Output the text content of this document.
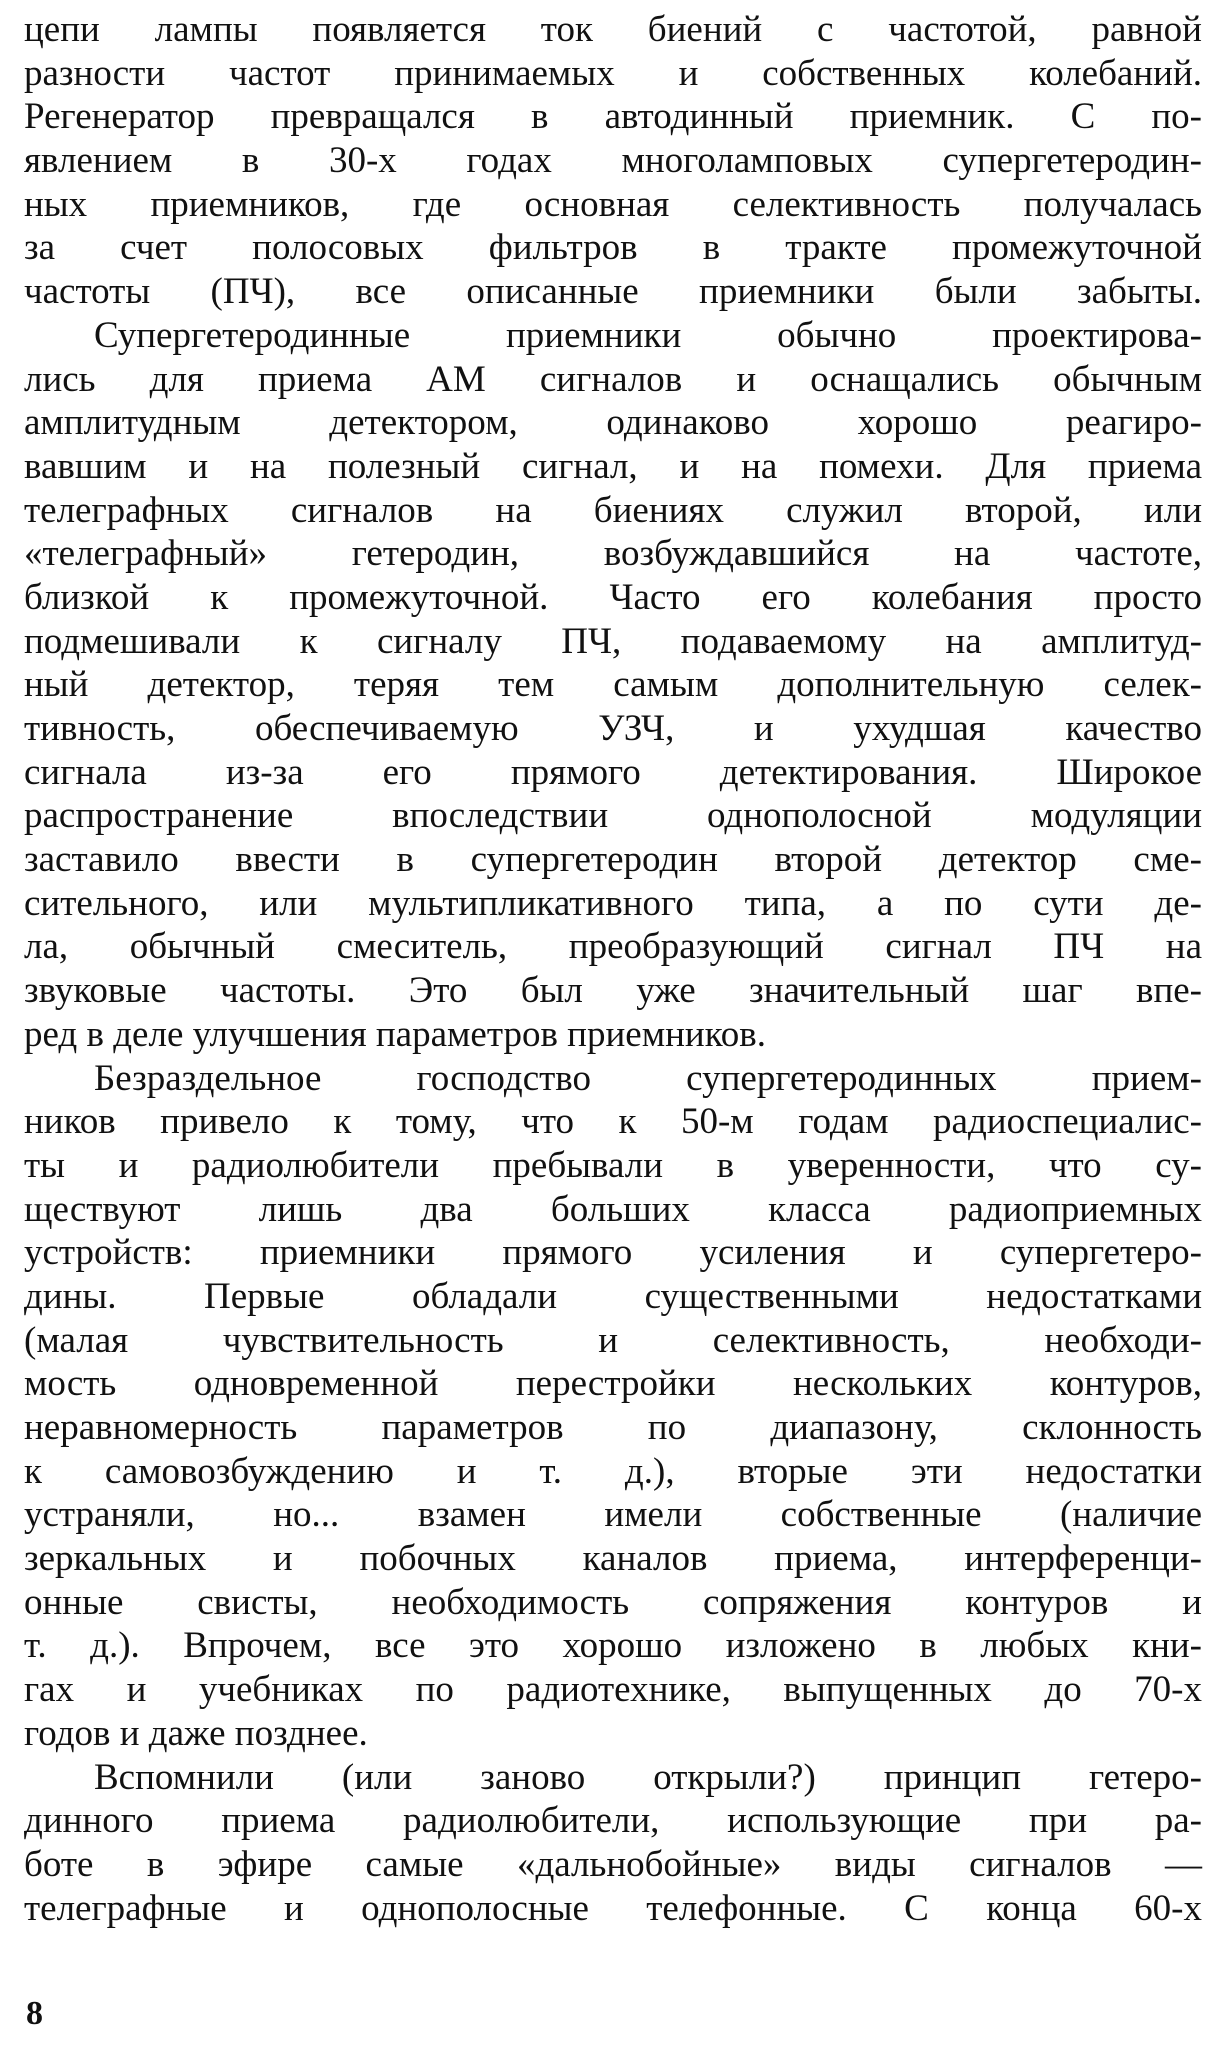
цепи лампы появляется ток биений с частотой, равной
разности частот принимаемых и собственных колебаний.
Регенератор превращался в автодинный приемник. С по-
явлением в 30-х годах многоламповых супергетеродин-
ных приемников, где основная селективность получалась
за счет полосовых фильтров в тракте промежуточной
частоты (ПЧ), все описанные приемники были забыты.
Супергетеродинные приемники обычно проектирова-
лись для приема АМ сигналов и оснащались обычным
амплитудным детектором, одинаково хорошо реагиро-
вавшим и на полезный сигнал, и на помехи. Для приема
телеграфных сигналов на биениях служил второй, или
«телеграфный» гетеродин, возбуждавшийся на частоте,
близкой к промежуточной. Часто его колебания просто
подмешивали к сигналу ПЧ, подаваемому на амплитуд-
ный детектор, теряя тем самым дополнительную селек-
тивность, обеспечиваемую УЗЧ, и ухудшая качество
сигнала из-за его прямого детектирования. Широкое
распространение впоследствии однополосной модуляции
заставило ввести в супергетеродин второй детектор сме-
сительного, или мультипликативного типа, а по сути де-
ла, обычный смеситель, преобразующий сигнал ПЧ на
звуковые частоты. Это был уже значительный шаг впе-
ред в деле улучшения параметров приемников.
Безраздельное господство супергетеродинных прием-
ников привело к тому, что к 50-м годам радиоспециалис-
ты и радиолюбители пребывали в уверенности, что су-
ществуют лишь два больших класса радиоприемных
устройств: приемники прямого усиления и супергетеро-
дины. Первые обладали существенными недостатками
(малая чувствительность и селективность, необходи-
мость одновременной перестройки нескольких контуров,
неравномерность параметров по диапазону, склонность
к самовозбуждению и т. д.), вторые эти недостатки
устраняли, но... взамен имели собственные (наличие
зеркальных и побочных каналов приема, интерференци-
онные свисты, необходимость сопряжения контуров и
т. д.). Впрочем, все это хорошо изложено в любых кни-
гах и учебниках по радиотехнике, выпущенных до 70-х
годов и даже позднее.
Вспомнили (или заново открыли?) принцип гетеро-
динного приема радиолюбители, использующие при ра-
боте в эфире самые «дальнобойные» виды сигналов —
телеграфные и однополосные телефонные. С конца 60-х
8
